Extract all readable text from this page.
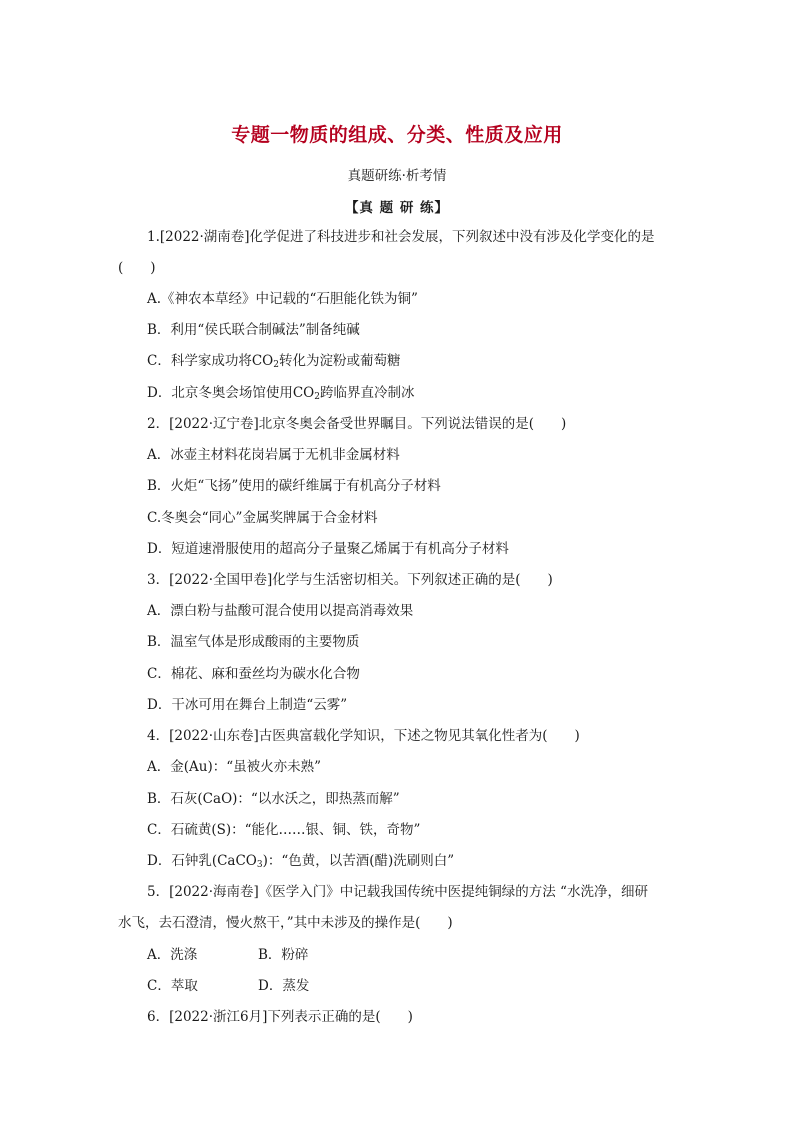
专题一物质的组成、分类、性质及应用
真题研练·析考情
【真 题 研 练】
1.[2022·湖南卷]化学促进了科技进步和社会发展，下列叙述中没有涉及化学变化的是
(　　)
A.《神农本草经》中记载的“石胆能化铁为铜”
B．利用“侯氏联合制碱法”制备纯碱
C．科学家成功将$CO_2$转化为淀粉或葡萄糖
D．北京冬奥会场馆使用$CO_2$跨临界直冷制冰
2．[2022·辽宁卷]北京冬奥会备受世界瞩目。下列说法错误的是(　　)
A．冰壶主材料花岗岩属于无机非金属材料
B．火炬“飞扬”使用的碳纤维属于有机高分子材料
C.冬奥会“同心”金属奖牌属于合金材料
D．短道速滑服使用的超高分子量聚乙烯属于有机高分子材料
3．[2022·全国甲卷]化学与生活密切相关。下列叙述正确的是(　　)
A．漂白粉与盐酸可混合使用以提高消毒效果
B．温室气体是形成酸雨的主要物质
C．棉花、麻和蚕丝均为碳水化合物
D．干冰可用在舞台上制造“云雾”
4．[2022·山东卷]古医典富载化学知识，下述之物见其氧化性者为(　　)
A．金(Au)：“虽被火亦未熟”
B．石灰(CaO)：“以水沃之，即热蒸而解”
C．石硫黄(S)：“能化……银、铜、铁，奇物”
D．石钟乳(CaCO$_3$)：“色黄，以苦酒(醋)洗刷则白”
5．[2022·海南卷]《医学入门》中记载我国传统中医提纯铜绿的方法 “水洗净，细研
水飞，去石澄清，慢火熬干，”其中未涉及的操作是(　　)
A．洗涤	B．粉碎
C．萃取	D．蒸发
6．[2022·浙江6月]下列表示正确的是(　　)
